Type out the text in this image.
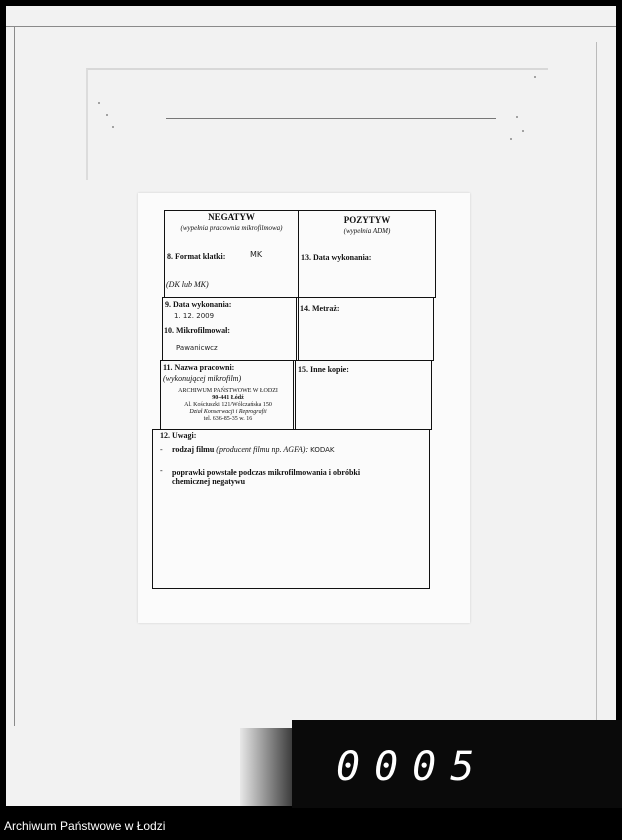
NEGATYW
(wypełnia pracownia mikrofilmowa)
POZYTYW
(wypełnia ADM)
8. Format klatki:	MK
(DK lub MK)
13. Data wykonania:
9. Data wykonania:
1. 12. 2009
10. Mikrofilmował:
Pawanicwcz
14. Metraż:
11. Nazwa pracowni:
(wykonującej mikrofilm)
ARCHIWUM PAŃSTWOWE W ŁODZI
90-441 Łódź
Al. Kościuszki 121/Wólczańska 150
Dział Konserwacji i Reprografii
tel. 636-85-35 w. 16
15. Inne kopie:
12. Uwagi:
- rodzaj filmu (producent filmu np. AGFA): KODAK
- poprawki powstałe podczas mikrofilmowania i obróbki
chemicznej negatywu
0005
Archiwum Państwowe w Łodzi
